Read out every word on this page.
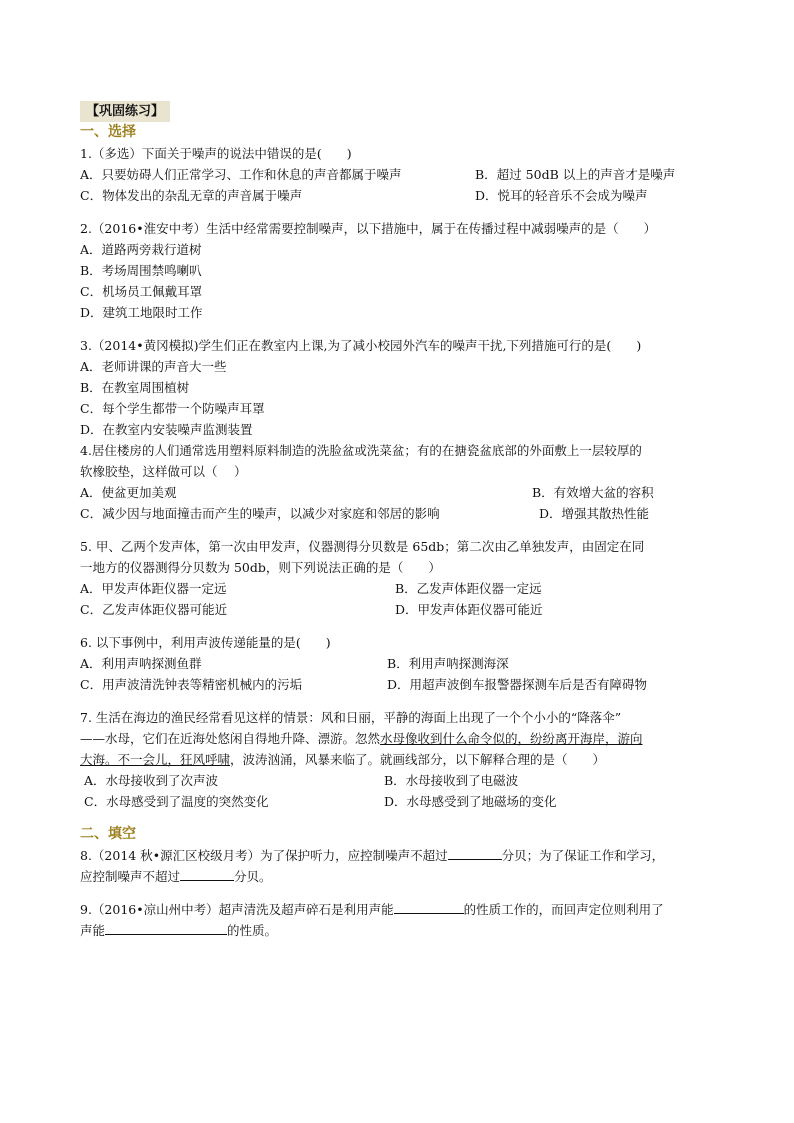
【巩固练习】
一、选择
1.（多选）下面关于噪声的说法中错误的是(　　)
A．只要妨碍人们正常学习、工作和休息的声音都属于噪声	B．超过 50dB 以上的声音才是噪声
C．物体发出的杂乱无章的声音属于噪声	D．悦耳的轻音乐不会成为噪声
2.（2016•淮安中考）生活中经常需要控制噪声，以下措施中，属于在传播过程中减弱噪声的是（　　）
A．道路两旁栽行道树
B．考场周围禁鸣喇叭
C．机场员工佩戴耳罩
D．建筑工地限时工作
3.（2014•黄冈模拟)学生们正在教室内上课,为了减小校园外汽车的噪声干扰,下列措施可行的是(　　)
A．老师讲课的声音大一些
B．在教室周围植树
C．每个学生都带一个防噪声耳罩
D．在教室内安装噪声监测装置
4.居住楼房的人们通常选用塑料原料制造的洗脸盆或洗菜盆；有的在搪瓷盆底部的外面敷上一层较厚的
软橡胶垫，这样做可以（　 ）
A．使盆更加美观	B．有效增大盆的容积
C．减少因与地面撞击而产生的噪声，以减少对家庭和邻居的影响	D．增强其散热性能
5. 甲、乙两个发声体，第一次由甲发声，仪器测得分贝数是 65db；第二次由乙单独发声，由固定在同
一地方的仪器测得分贝数为 50db，则下列说法正确的是（　　）
A．甲发声体距仪器一定远	B．乙发声体距仪器一定远
C．乙发声体距仪器可能近	D．甲发声体距仪器可能近
6. 以下事例中，利用声波传递能量的是(　　)
A．利用声呐探测鱼群	B．利用声呐探测海深
C．用声波清洗钟表等精密机械内的污垢	D．用超声波倒车报警器探测车后是否有障碍物
7. 生活在海边的渔民经常看见这样的情景：风和日丽，平静的海面上出现了一个个小小的“降落伞”
——水母，它们在近海处悠闲自得地升降、漂游。忽然水母像收到什么命令似的，纷纷离开海岸，游向
大海。不一会儿，狂风呼啸，波涛汹涌，风暴来临了。就画线部分，以下解释合理的是（　　）
A．水母接收到了次声波	B．水母接收到了电磁波
C．水母感受到了温度的突然变化	D．水母感受到了地磁场的变化
二、填空
8.（2014 秋•源汇区校级月考）为了保护听力，应控制噪声不超过	分贝；为了保证工作和学习，
应控制噪声不超过	分贝。
9.（2016•凉山州中考）超声清洗及超声碎石是利用声能	的性质工作的，而回声定位则利用了
声能	的性质。
